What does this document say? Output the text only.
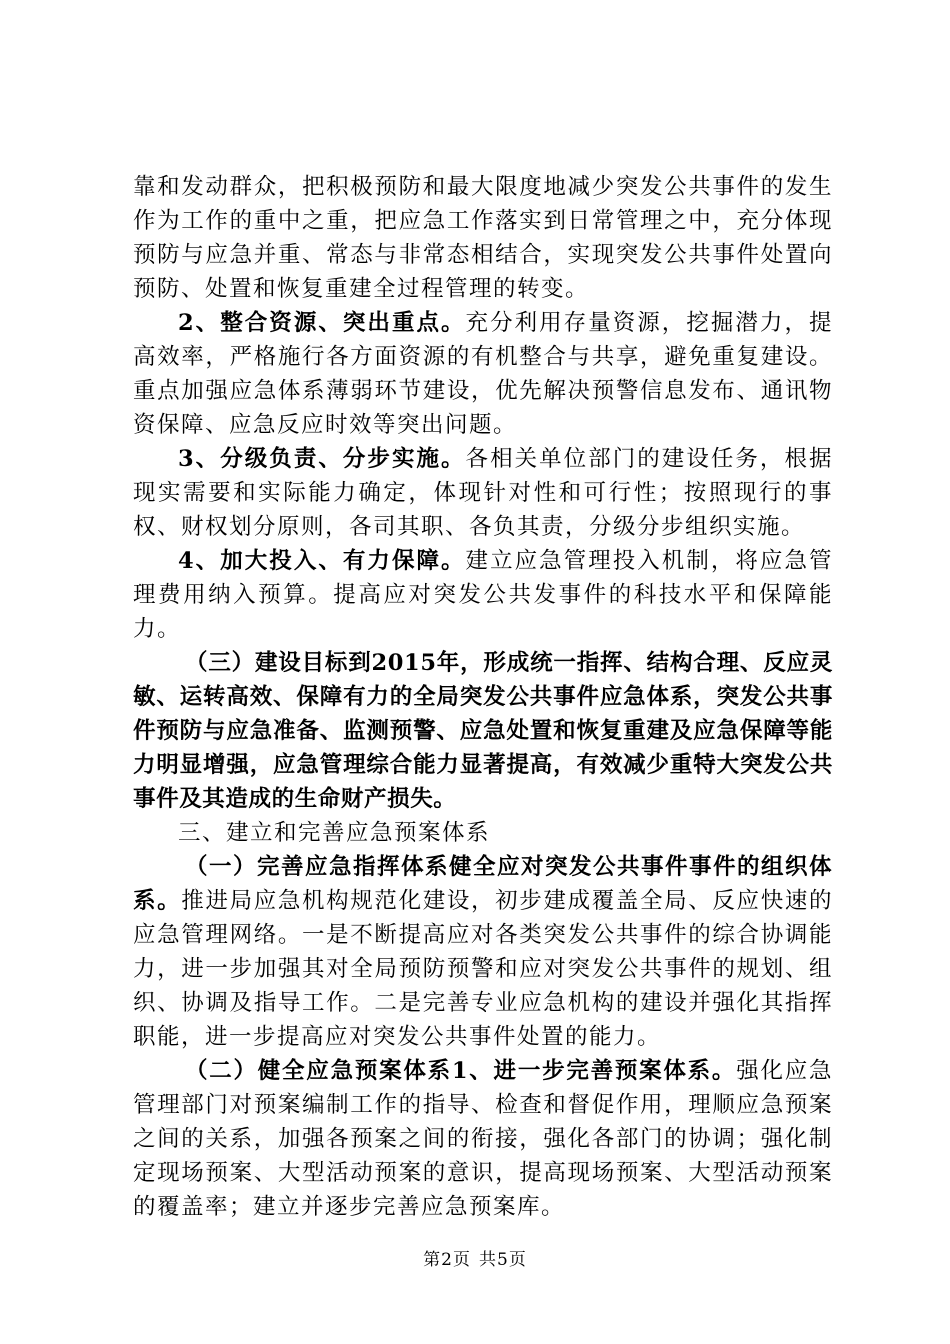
靠和发动群众，把积极预防和最大限度地减少突发公共事件的发生作为工作的重中之重，把应急工作落实到日常管理之中，充分体现预防与应急并重、常态与非常态相结合，实现突发公共事件处置向预防、处置和恢复重建全过程管理的转变。

2、整合资源、突出重点。充分利用存量资源，挖掘潜力，提高效率，严格施行各方面资源的有机整合与共享，避免重复建设。重点加强应急体系薄弱环节建设，优先解决预警信息发布、通讯物资保障、应急反应时效等突出问题。

3、分级负责、分步实施。各相关单位部门的建设任务，根据现实需要和实际能力确定，体现针对性和可行性；按照现行的事权、财权划分原则，各司其职、各负其责，分级分步组织实施。

4、加大投入、有力保障。建立应急管理投入机制，将应急管理费用纳入预算。提高应对突发公共发事件的科技水平和保障能力。

（三）建设目标到2015年，形成统一指挥、结构合理、反应灵敏、运转高效、保障有力的全局突发公共事件应急体系，突发公共事件预防与应急准备、监测预警、应急处置和恢复重建及应急保障等能力明显增强，应急管理综合能力显著提高，有效减少重特大突发公共事件及其造成的生命财产损失。

三、建立和完善应急预案体系

（一）完善应急指挥体系健全应对突发公共事件事件的组织体系。推进局应急机构规范化建设，初步建成覆盖全局、反应快速的应急管理网络。一是不断提高应对各类突发公共事件的综合协调能力，进一步加强其对全局预防预警和应对突发公共事件的规划、组织、协调及指导工作。二是完善专业应急机构的建设并强化其指挥职能，进一步提高应对突发公共事件处置的能力。

（二）健全应急预案体系1、进一步完善预案体系。强化应急管理部门对预案编制工作的指导、检查和督促作用，理顺应急预案之间的关系，加强各预案之间的衔接，强化各部门的协调；强化制定现场预案、大型活动预案的意识，提高现场预案、大型活动预案的覆盖率；建立并逐步完善应急预案库。

第2页 共5页
